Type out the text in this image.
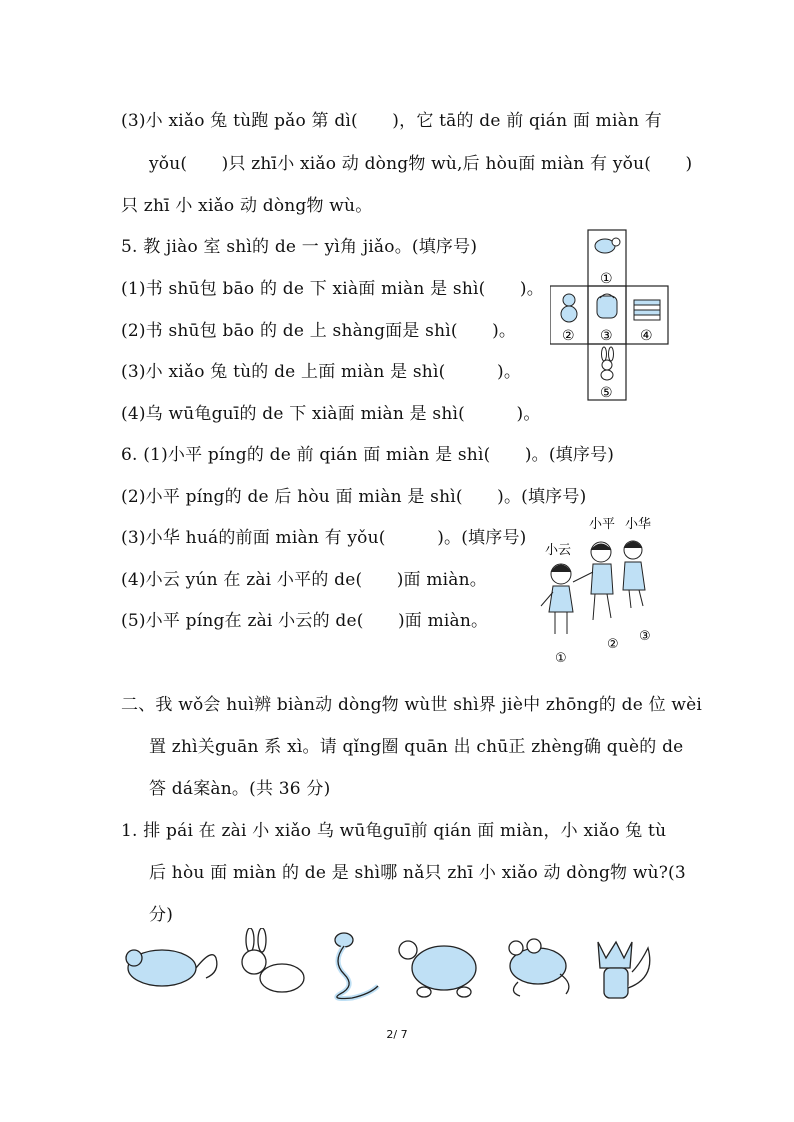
(3)小 xiǎo 兔 tù跑 pǎo 第 dì(　　)，它 tā的 de 前 qián 面 miàn 有
yǒu(　　)只 zhī小 xiǎo 动 dòng物 wù,后 hòu面 miàn 有 yǒu(　　)
只 zhī 小 xiǎo 动 dòng物 wù。
5. 教 jiào 室 shì的 de 一 yì角 jiǎo。(填序号)
(1)书 shū包 bāo 的 de 下 xià面 miàn 是 shì(　　)。
(2)书 shū包 bāo 的 de 上 shàng面是 shì(　　)。
(3)小 xiǎo 兔 tù的 de 上面 miàn 是 shì(　　　)。
(4)乌 wū龟guī的 de 下 xià面 miàn 是 shì(　　　)。
6. (1)小平 píng的 de 前 qián 面 miàn 是 shì(　　)。(填序号)
(2)小平 píng的 de 后 hòu 面 miàn 是 shì(　　)。(填序号)
(3)小华 huá的前面 miàn 有 yǒu(　　　)。(填序号)
(4)小云 yún 在 zài 小平的 de(　　)面 miàn。
(5)小平 píng在 zài 小云的 de(　　)面 miàn。
二、我 wǒ会 huì辨 biàn动 dòng物 wù世 shì界 jiè中 zhōng的 de 位 wèi
置 zhì关guān 系 xì。请 qǐng圈 quān 出 chū正 zhèng确 què的 de
答 dá案àn。(共 36 分)
1. 排 pái 在 zài 小 xiǎo 乌 wū龟guī前 qián 面 miàn，小 xiǎo 兔 tù
后 hòu 面 miàn 的 de 是 shì哪 nǎ只 zhī 小 xiǎo 动 dòng物 wù?(3
分)
①
② ③ ④
⑤
小平 小华
小云
①
②
③
2/ 7
